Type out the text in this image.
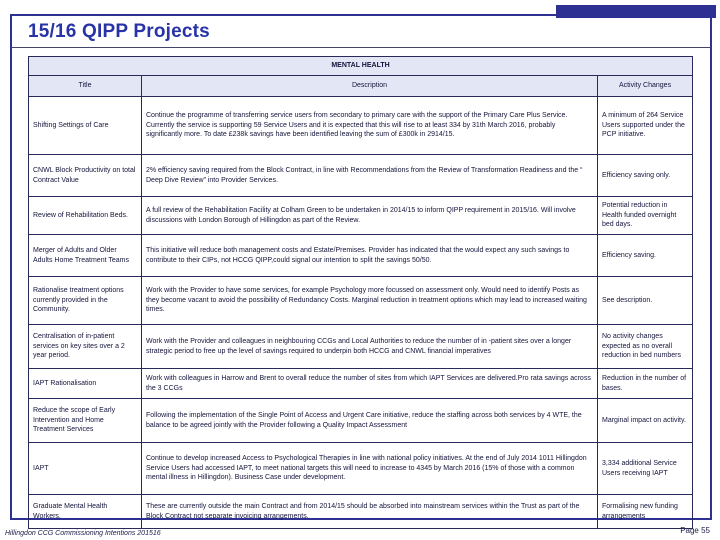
15/16 QIPP Projects
MENTAL HEALTH		
Title	Description	Activity Changes
Shifting Settings of Care	Continue the programme of transferring service users from secondary to primary care with the support of the Primary Care Plus Service. Currently the service is supporting 59 Service Users and it is expected that this will rise to at least 334 by 31th March 2016, probably significantly more. To date £238k savings have been identified leaving the sum of £300k in 2914/15.	A minimum of 264 Service Users supported under the PCP initiative.
CNWL Block Productivity on total Contract Value	2% efficiency saving required from the Block Contract, in line with Recommendations from the Review of Transformation Readiness and the “ Deep Dive Review” into Provider Services.	Efficiency saving only.
Review of Rehabilitation Beds.	A full review of the Rehabilitation Facility at Colham Green to be undertaken in 2014/15 to inform QIPP requirement in 2015/16. Will involve discussions with London Borough of Hillingdon as part of the Review.	Potential reduction in Health funded overnight bed days.
Merger of Adults and Older Adults Home Treatment Teams	This initiative will reduce both management costs and Estate/Premises. Provider has indicated that the would expect any such savings to contribute to their CIPs, not HCCG QIPP,could signal our intention to split the savings 50/50.	Efficiency saving.
Rationalise treatment options currently provided in the Community.	Work with the Provider to have some services, for example Psychology more focussed on assessment only. Would need to identify Posts as they become vacant to avoid the possibility of Redundancy Costs. Marginal reduction in treatment options which may lead to increased waiting times.	See description.
Centralisation of in-patient services on key sites over a 2 year period.	Work with the Provider and colleagues in neighbouring CCGs and Local Authorities to reduce the number of in -patient sites over a longer strategic period to free up the level of savings required to underpin both HCCG and CNWL financial imperatives	No activity changes expected as no overall reduction in bed numbers
IAPT Rationalisation	Work with colleagues in Harrow and Brent to overall reduce the number of sites from which IAPT Services are delivered.Pro rata savings across the 3 CCGs	Reduction in the number of bases.
Reduce the scope of Early Intervention and Home Treatment Services	Following the implementation of the Single Point of Access and Urgent Care initiative, reduce the staffing across both services by 4 WTE, the balance to be agreed jointly with the Provider following a Quality Impact Assessment	Marginal impact on activity.
IAPT	Continue to develop increased Access to Psychological Therapies in line with national policy initiatives. At the end of July 2014 1011 Hillingdon Service Users had accessed IAPT, to meet national targets this will need to increase to 4345 by March 2016 (15% of those with a common mental illness in Hillingdon). Business Case under development.	3,334 additional Service Users receiving IAPT
Graduate Mental Health Workers.	These are currently outside the main Contract and from 2014/15 should be absorbed into mainstream services within the Trust as part of the Block Contract not separate invoicing arrangements.	Formalising new funding arrangements
Hillingdon CCG Commissioning Intentions 201516	Page 55
